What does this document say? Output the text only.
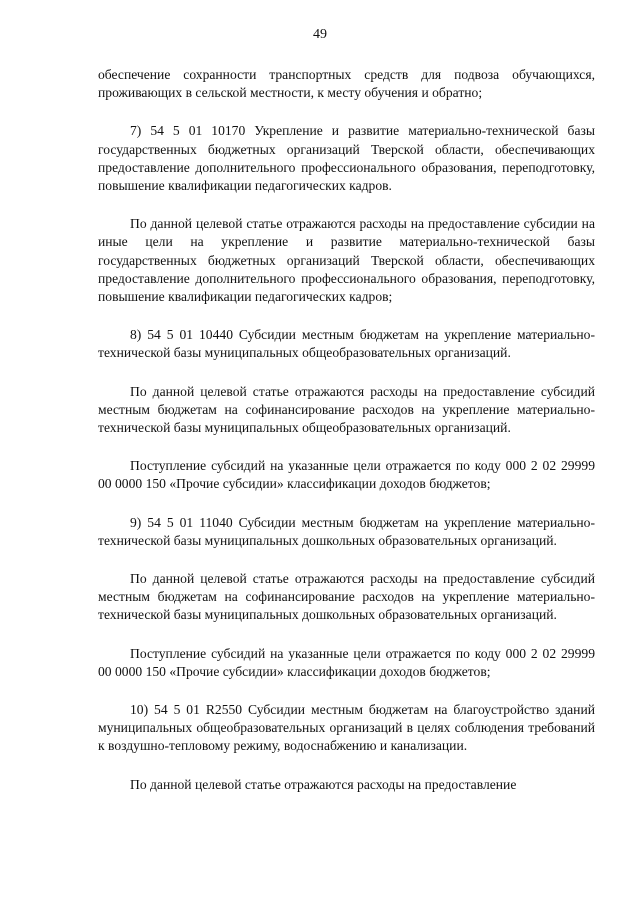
49

обеспечение сохранности транспортных средств для подвоза обучающихся, проживающих в сельской местности, к месту обучения и обратно;

7) 54 5 01 10170 Укрепление и развитие материально-технической базы государственных бюджетных организаций Тверской области, обеспечивающих предоставление дополнительного профессионального образования, переподготовку, повышение квалификации педагогических кадров.

По данной целевой статье отражаются расходы на предоставление субсидии на иные цели на укрепление и развитие материально-технической базы государственных бюджетных организаций Тверской области, обеспечивающих предоставление дополнительного профессионального образования, переподготовку, повышение квалификации педагогических кадров;

8) 54 5 01 10440 Субсидии местным бюджетам на укрепление материально-технической базы муниципальных общеобразовательных организаций.

По данной целевой статье отражаются расходы на предоставление субсидий местным бюджетам на софинансирование расходов на укрепление материально-технической базы муниципальных общеобразовательных организаций.

Поступление субсидий на указанные цели отражается по коду 000 2 02 29999 00 0000 150 «Прочие субсидии» классификации доходов бюджетов;

9) 54 5 01 11040 Субсидии местным бюджетам на укрепление материально-технической базы муниципальных дошкольных образовательных организаций.

По данной целевой статье отражаются расходы на предоставление субсидий местным бюджетам на софинансирование расходов на укрепление материально-технической базы муниципальных дошкольных образовательных организаций.

Поступление субсидий на указанные цели отражается по коду 000 2 02 29999 00 0000 150 «Прочие субсидии» классификации доходов бюджетов;

10) 54 5 01 R2550 Субсидии местным бюджетам на благоустройство зданий муниципальных общеобразовательных организаций в целях соблюдения требований к воздушно-тепловому режиму, водоснабжению и канализации.

По данной целевой статье отражаются расходы на предоставление
